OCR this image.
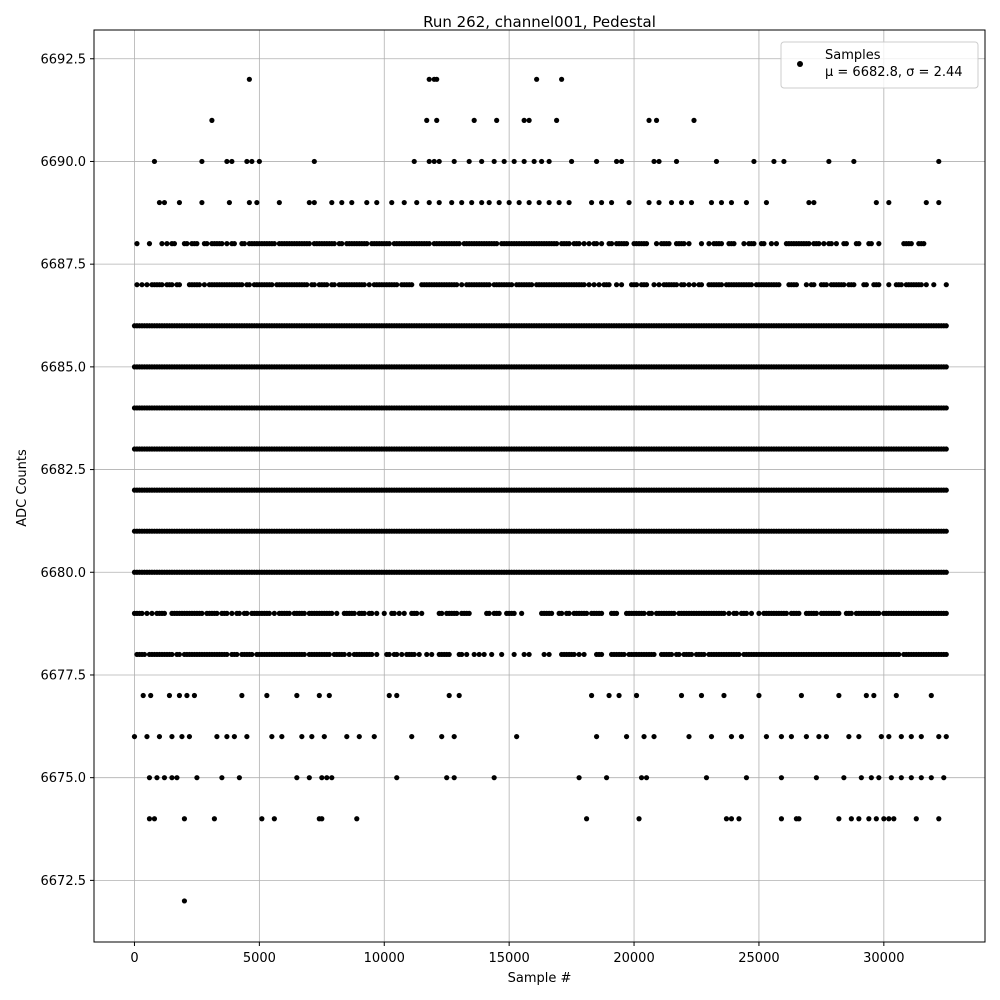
0	5000	10000	15000	20000	25000	30000
6672.5
6675.0
6677.5
6680.0
6682.5
6685.0
6687.5
6690.0
6692.5
Run 262, channel001, Pedestal
Sample #
ADC Counts
Samples
μ = 6682.8, σ = 2.44
